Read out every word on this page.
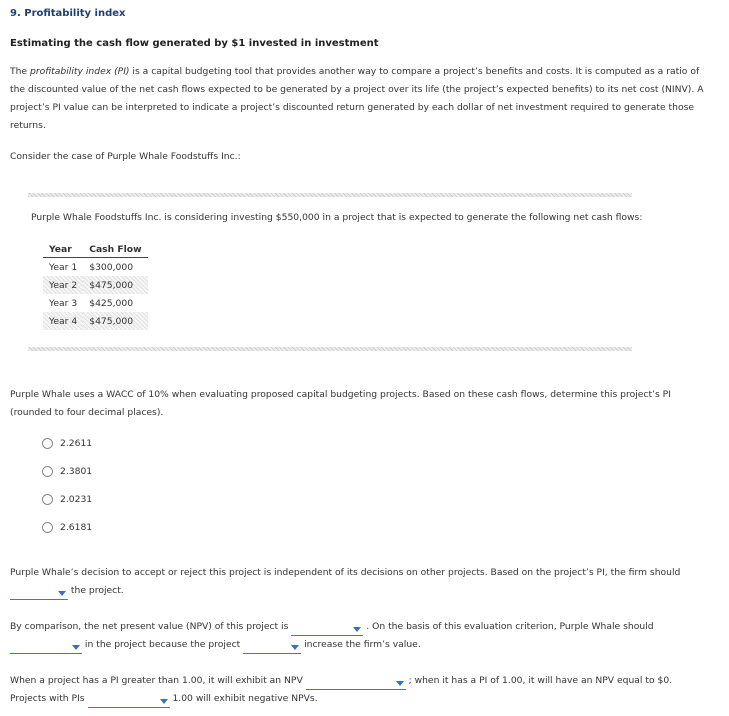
9. Profitability index
Estimating the cash flow generated by $1 invested in investment
The profitability index (PI) is a capital budgeting tool that provides another way to compare a project’s benefits and costs. It is computed as a ratio of the discounted value of the net cash flows expected to be generated by a project over its life (the project’s expected benefits) to its net cost (NINV). A project’s PI value can be interpreted to indicate a project’s discounted return generated by each dollar of net investment required to generate those returns.
Consider the case of Purple Whale Foodstuffs Inc.:
Purple Whale Foodstuffs Inc. is considering investing $550,000 in a project that is expected to generate the following net cash flows:
Year	Cash Flow
Year 1	$300,000
Year 2	$475,000
Year 3	$425,000
Year 4	$475,000
Purple Whale uses a WACC of 10% when evaluating proposed capital budgeting projects. Based on these cash flows, determine this project’s PI
(rounded to four decimal places).
2.2611
2.3801
2.0231
2.6181
Purple Whale’s decision to accept or reject this project is independent of its decisions on other projects. Based on the project’s PI, the firm should
the project.
By comparison, the net present value (NPV) of this project is	. On the basis of this evaluation criterion, Purple Whale should
in the project because the project	increase the firm’s value.
When a project has a PI greater than 1.00, it will exhibit an NPV	; when it has a PI of 1.00, it will have an NPV equal to $0.
Projects with PIs	1.00 will exhibit negative NPVs.
